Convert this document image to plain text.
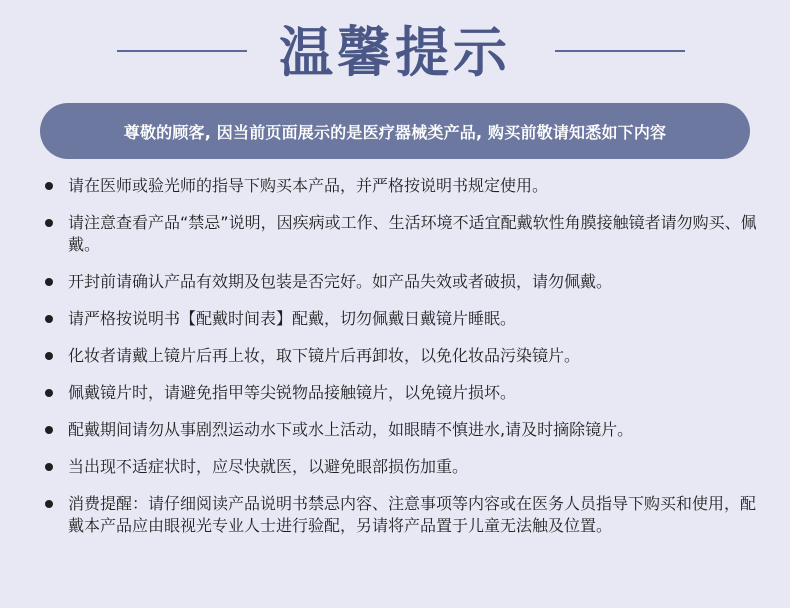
温馨提示
尊敬的顾客, 因当前页面展示的是医疗器械类产品, 购买前敬请知悉如下内容
请在医师或验光师的指导下购买本产品，并严格按说明书规定使用。
请注意查看产品“禁忌”说明，因疾病或工作、生活环境不适宜配戴软性角膜接触镜者请勿购买、佩戴。
开封前请确认产品有效期及包装是否完好。如产品失效或者破损，请勿佩戴。
请严格按说明书【配戴时间表】配戴，切勿佩戴日戴镜片睡眠。
化妆者请戴上镜片后再上妆，取下镜片后再卸妆，以免化妆品污染镜片。
佩戴镜片时，请避免指甲等尖锐物品接触镜片，以免镜片损坏。
配戴期间请勿从事剧烈运动水下或水上活动，如眼睛不慎进水,请及时摘除镜片。
当出现不适症状时，应尽快就医，以避免眼部损伤加重。
消费提醒：请仔细阅读产品说明书禁忌内容、注意事项等内容或在医务人员指导下购买和使用，配戴本产品应由眼视光专业人士进行验配，另请将产品置于儿童无法触及位置。
